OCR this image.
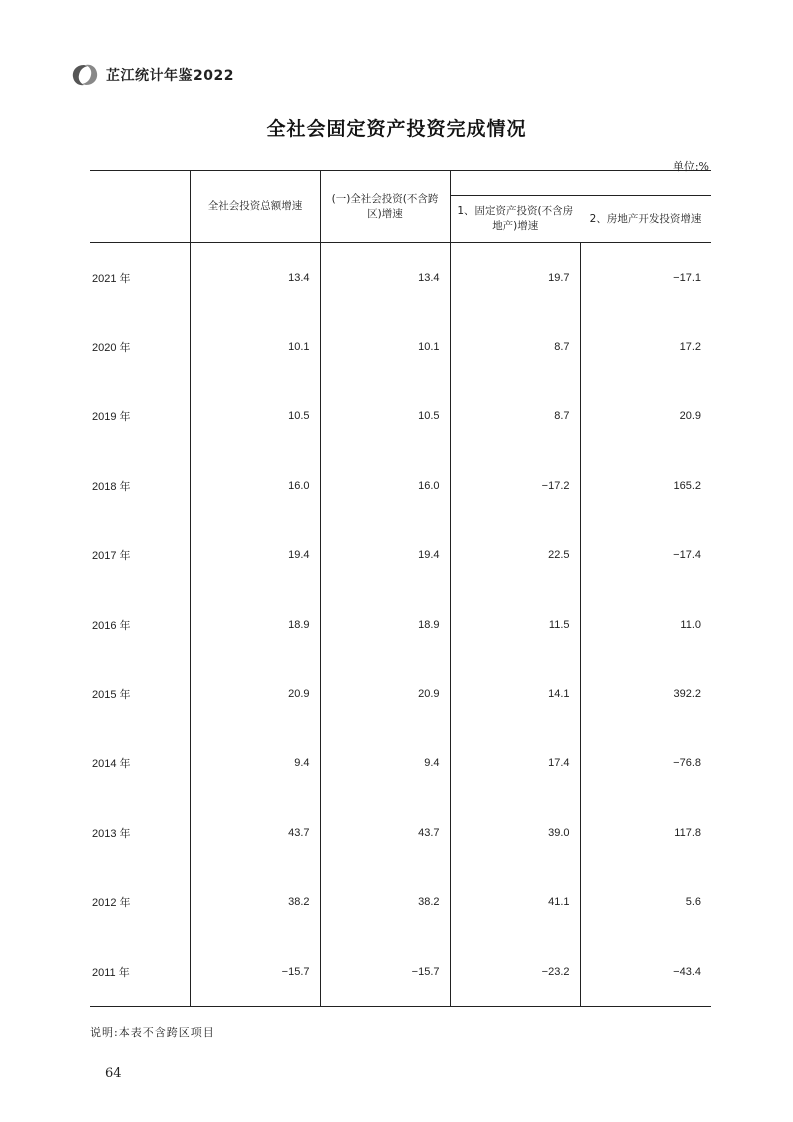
芷江统计年鉴2022
全社会固定资产投资完成情况
单位:%
	全社会投资总额增速	(一)全社会投资(不含跨区)增速		
			1、固定资产投资(不含房地产)增速	2、房地产开发投资增速
2021 年	13.4	13.4	19.7	−17.1
2020 年	10.1	10.1	8.7	17.2
2019 年	10.5	10.5	8.7	20.9
2018 年	16.0	16.0	−17.2	165.2
2017 年	19.4	19.4	22.5	−17.4
2016 年	18.9	18.9	11.5	11.0
2015 年	20.9	20.9	14.1	392.2
2014 年	9.4	9.4	17.4	−76.8
2013 年	43.7	43.7	39.0	117.8
2012 年	38.2	38.2	41.1	5.6
2011 年	−15.7	−15.7	−23.2	−43.4
说明:本表不含跨区项目
64
